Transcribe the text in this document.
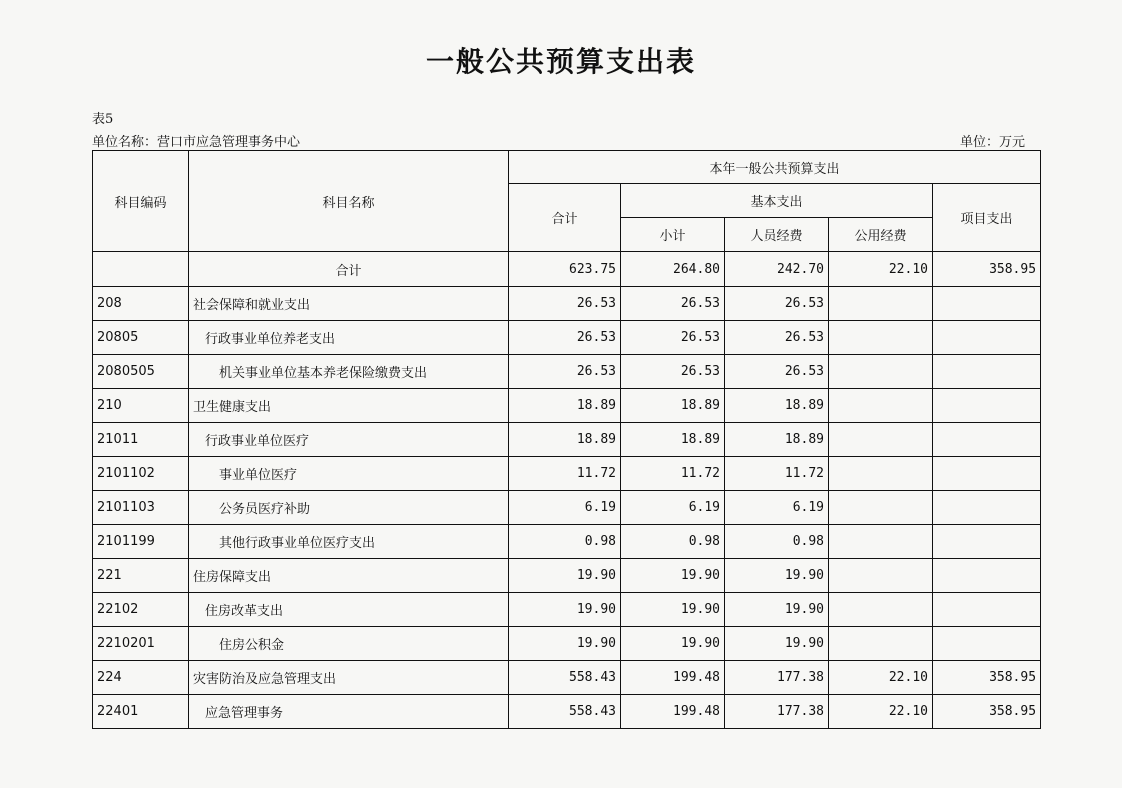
一般公共预算支出表
表5
单位名称：营口市应急管理事务中心	单位：万元
科目编码	科目名称	本年一般公共预算支出				
		合计	基本支出			项目支出
			小计	人员经费	公用经费	
	合计	623.75	264.80	242.70	22.10	358.95
208	社会保障和就业支出	26.53	26.53	26.53		
20805	行政事业单位养老支出	26.53	26.53	26.53		
2080505	机关事业单位基本养老保险缴费支出	26.53	26.53	26.53		
210	卫生健康支出	18.89	18.89	18.89		
21011	行政事业单位医疗	18.89	18.89	18.89		
2101102	事业单位医疗	11.72	11.72	11.72		
2101103	公务员医疗补助	6.19	6.19	6.19		
2101199	其他行政事业单位医疗支出	0.98	0.98	0.98		
221	住房保障支出	19.90	19.90	19.90		
22102	住房改革支出	19.90	19.90	19.90		
2210201	住房公积金	19.90	19.90	19.90		
224	灾害防治及应急管理支出	558.43	199.48	177.38	22.10	358.95
22401	应急管理事务	558.43	199.48	177.38	22.10	358.95
